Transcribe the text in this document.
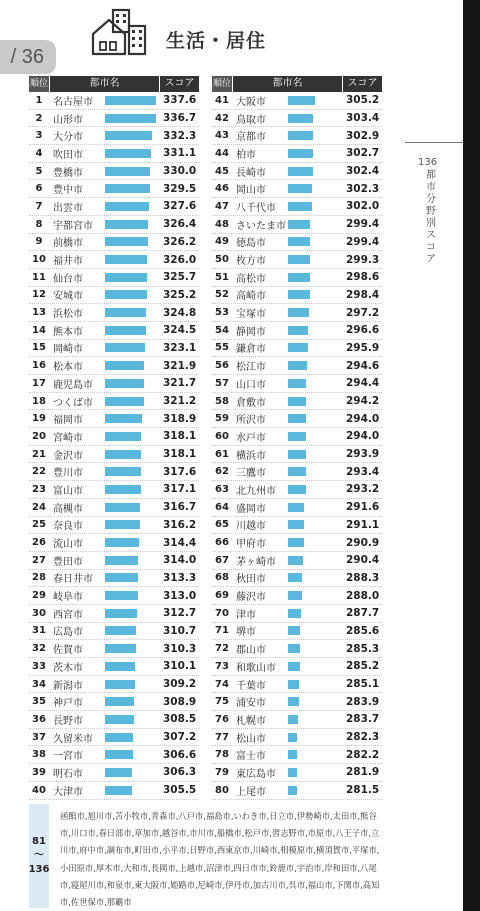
/ 36
生活・居住
順位	都市名	スコア
1	名古屋市	337.6
2	山形市	336.7
3	大分市	332.3
4	吹田市	331.1
5	豊橋市	330.0
6	豊中市	329.5
7	出雲市	327.6
8	宇都宮市	326.4
9	前橋市	326.2
10 福井市	326.0
11 仙台市	325.7
12 安城市	325.2
13 浜松市	324.8
14 熊本市	324.5
15 岡崎市	323.1
16 松本市	321.9
17 鹿児島市	321.7
18 つくば市	321.2
19 福岡市	318.9
20 宮崎市	318.1
21 金沢市	318.1
22 豊川市	317.6
23 富山市	317.1
24 高槻市	316.7
25 奈良市	316.2
26 流山市	314.4
27 豊田市	314.0
28 春日井市	313.3
29 岐阜市	313.0
30 西宮市	312.7
31 広島市	310.7
32 佐賀市	310.3
33 茨木市	310.1
34 新潟市	309.2
35 神戸市	308.9
36 長野市	308.5
37 久留米市	307.2
38 一宮市	306.6
39 明石市	306.3
40 大津市	305.5
順位	都市名	スコア
41 大阪市	305.2
42 鳥取市	303.4
43 京都市	302.9
44 柏市	302.7
45 長崎市	302.4
46 岡山市	302.3
47 八千代市	302.0
48 さいたま市	299.4
49 徳島市	299.4
50 枚方市	299.3
51 高松市	298.6
52 高崎市	298.4
53 宝塚市	297.2
54 静岡市	296.6
55 鎌倉市	295.9
56 松江市	294.6
57 山口市	294.4
58 倉敷市	294.2
59 所沢市	294.0
60 水戸市	294.0
61 横浜市	293.9
62 三鷹市	293.4
63 北九州市	293.2
64 盛岡市	291.6
65 川越市	291.1
66 甲府市	290.9
67 茅ヶ崎市	290.4
68 秋田市	288.3
69 藤沢市	288.0
70 津市	287.7
71 堺市	285.6
72 郡山市	285.3
73 和歌山市	285.2
74 千葉市	285.1
75 浦安市	283.9
76 札幌市	283.7
77 松山市	282.3
78 富士市	282.2
79 東広島市	281.9
80 上尾市	281.5
81
〜
136
函館市,旭川市,苫小牧市,青森市,八戸市,福島市,いわき市,日立市,伊勢崎市,太田市,熊谷市,川口市,春日部市,草加市,越谷市,市川市,船橋市,松戸市,習志野市,市原市,八王子市,立川市,府中市,調布市,町田市,小平市,日野市,西東京市,川崎市,相模原市,横須賀市,平塚市,小田原市,厚木市,大和市,長岡市,上越市,沼津市,四日市市,鈴鹿市,宇治市,岸和田市,八尾市,寝屋川市,和泉市,東大阪市,姫路市,尼崎市,伊丹市,加古川市,呉市,福山市,下関市,高知市,佐世保市,那覇市
136
都市 分野別スコア
